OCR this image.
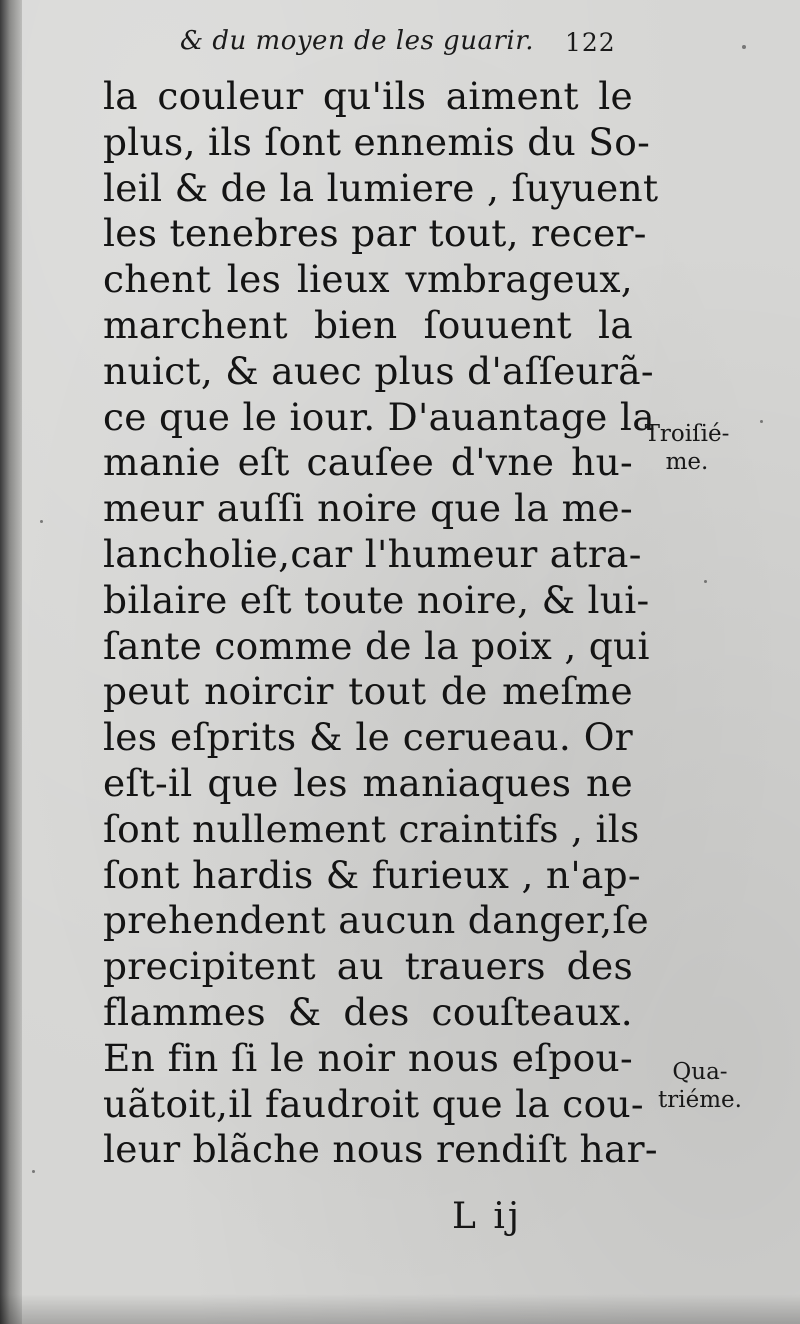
& du moyen de les guarir. 122
la couleur qu'ils aiment le
plus, ils ſont ennemis du So-
leil & de la lumiere , ſuyuent
les tenebres par tout, recer-
chent les lieux vmbrageux,
marchent bien ſouuent la
nuict, & auec plus d'aſſeurã-
ce que le iour. D'auantage la
manie eſt cauſee d'vne hu-
meur auſſi noire que la me-
lancholie,car l'humeur atra-
bilaire eſt toute noire, & lui-
ſante comme de la poix , qui
peut noircir tout de meſme
les eſprits & le cerueau. Or
eſt-il que les maniaques ne
ſont nullement craintifs , ils
ſont hardis & furieux , n'ap-
prehendent aucun danger,ſe
precipitent au trauers des
flammes & des couſteaux.
En fin ſi le noir nous eſpou-
uãtoit,il faudroit que la cou-
leur blãche nous rendiſt har-
Troiſié-
me.
Qua-
triéme.
L ij
